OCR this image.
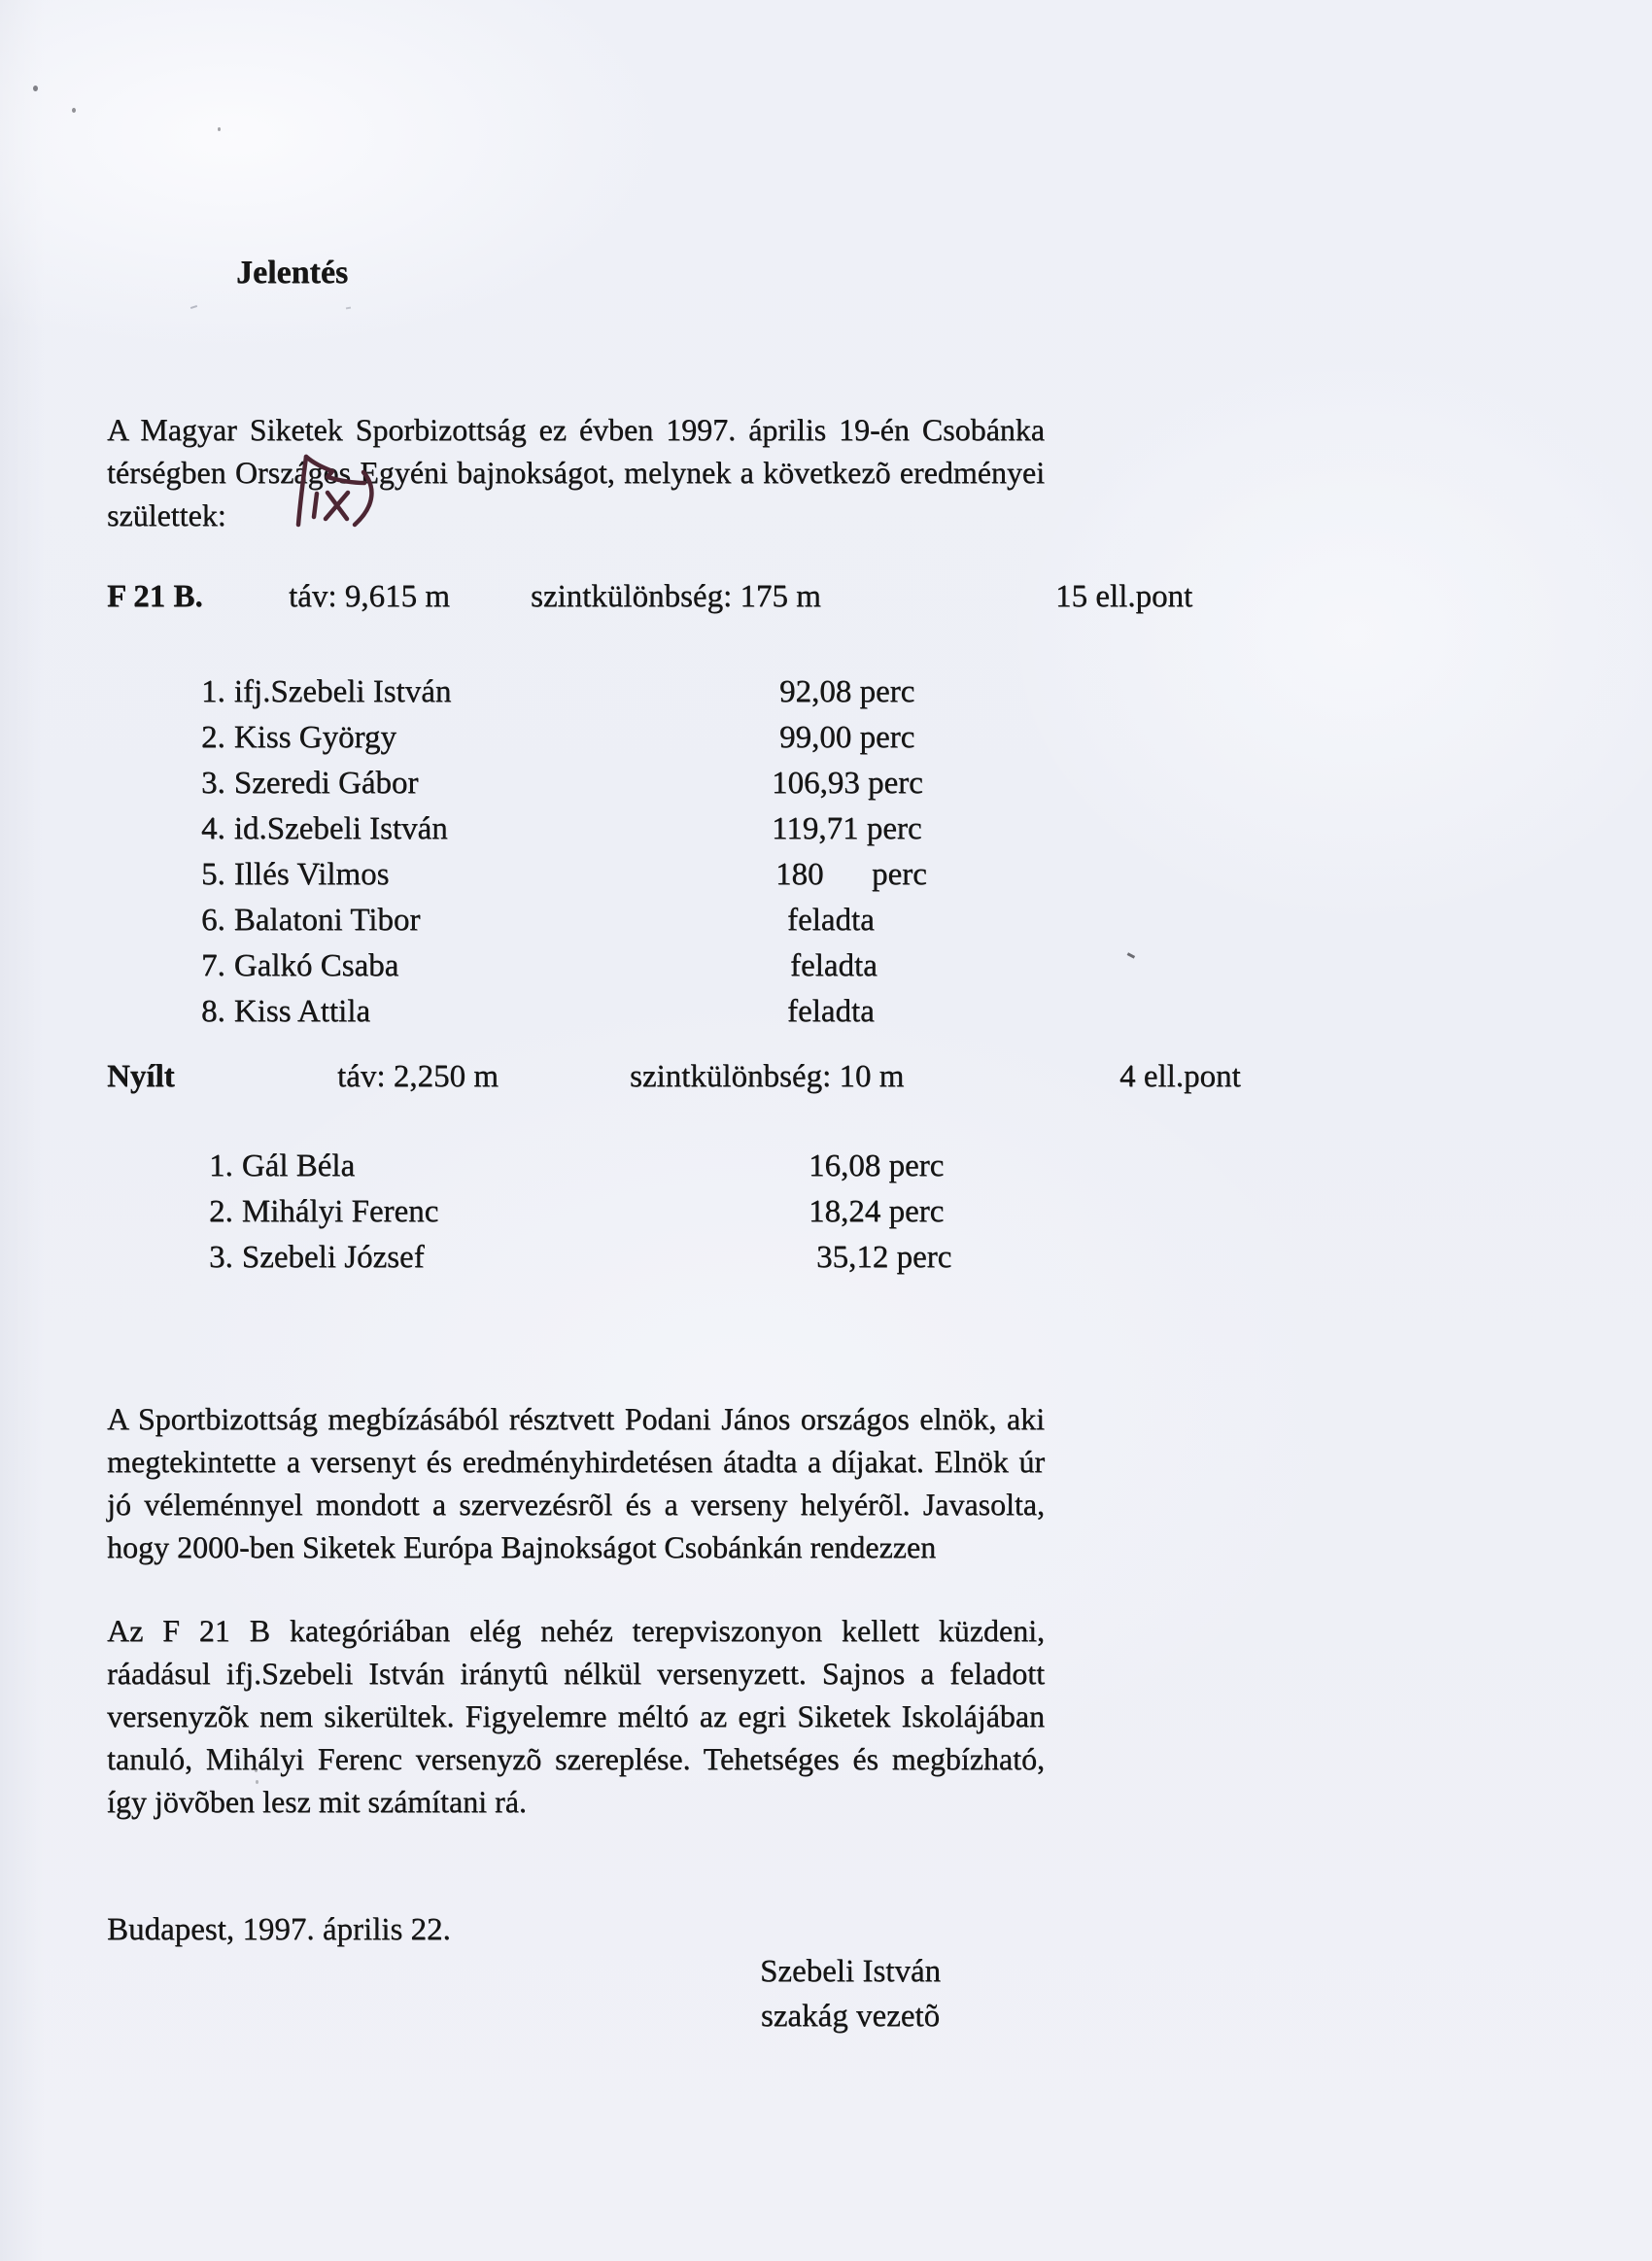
Jelentés
A Magyar Siketek Sporbizottság ez évben 1997. április 19-én Csobánka térségben Országos Egyéni bajnokságot, melynek a következõ eredményei születtek:
F 21 B.	táv: 9,615 m	szintkülönbség: 175 m	15 ell.pont
1. ifj.Szebeli István	92,08 perc
2. Kiss György	99,00 perc
3. Szeredi Gábor	106,93 perc
4. id.Szebeli István	119,71 perc
5. Illés Vilmos	180      perc
6. Balatoni Tibor	feladta
7. Galkó Csaba	feladta
8. Kiss Attila	feladta
Nyílt	táv: 2,250 m	szintkülönbség: 10 m	4 ell.pont
1. Gál Béla	16,08 perc
2. Mihályi Ferenc	18,24 perc
3. Szebeli József	35,12 perc
A Sportbizottság megbízásából résztvett Podani János országos elnök, aki megtekintette a versenyt és eredményhirdetésen átadta a díjakat. Elnök úr jó véleménnyel mondott a szervezésrõl és a verseny helyérõl. Javasolta, hogy 2000-ben Siketek Európa Bajnokságot Csobánkán rendezzen
Az F 21 B kategóriában elég nehéz terepviszonyon kellett küzdeni, ráadásul ifj.Szebeli István iránytû nélkül versenyzett. Sajnos a feladott versenyzõk nem sikerültek. Figyelemre méltó az egri Siketek Iskolájában tanuló, Mihályi Ferenc versenyzõ szereplése. Tehetséges és megbízható, így jövõben lesz mit számítani rá.
Budapest, 1997. április 22.
Szebeli István
szakág vezetõ
